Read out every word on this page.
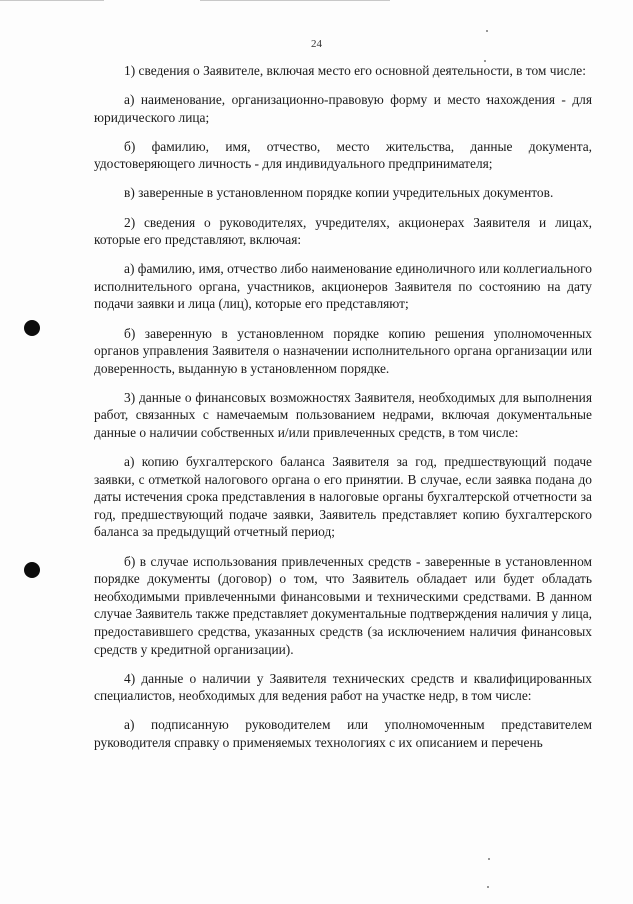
24

1) сведения о Заявителе, включая место его основной деятельности, в том числе:

а) наименование, организационно-правовую форму и место нахождения - для юридического лица;

б) фамилию, имя, отчество, место жительства, данные документа, удостоверяющего личность - для индивидуального предпринимателя;

в) заверенные в установленном порядке копии учредительных документов.

2) сведения о руководителях, учредителях, акционерах Заявителя и лицах, которые его представляют, включая:

а) фамилию, имя, отчество либо наименование единоличного или коллегиального исполнительного органа, участников, акционеров Заявителя по состоянию на дату подачи заявки и лица (лиц), которые его представляют;

б) заверенную в установленном порядке копию решения уполномоченных органов управления Заявителя о назначении исполнительного органа организации или доверенность, выданную в установленном порядке.

3) данные о финансовых возможностях Заявителя, необходимых для выполнения работ, связанных с намечаемым пользованием недрами, включая документальные данные о наличии собственных и/или привлеченных средств, в том числе:

а) копию бухгалтерского баланса Заявителя за год, предшествующий подаче заявки, с отметкой налогового органа о его принятии. В случае, если заявка подана до даты истечения срока представления в налоговые органы бухгалтерской отчетности за год, предшествующий подаче заявки, Заявитель представляет копию бухгалтерского баланса за предыдущий отчетный период;

б) в случае использования привлеченных средств - заверенные в установленном порядке документы (договор) о том, что Заявитель обладает или будет обладать необходимыми привлеченными финансовыми и техническими средствами. В данном случае Заявитель также представляет документальные подтверждения наличия у лица, предоставившего средства, указанных средств (за исключением наличия финансовых средств у кредитной организации).

4) данные о наличии у Заявителя технических средств и квалифицированных специалистов, необходимых для ведения работ на участке недр, в том числе:

а) подписанную руководителем или уполномоченным представителем руководителя справку о применяемых технологиях с их описанием и перечень
